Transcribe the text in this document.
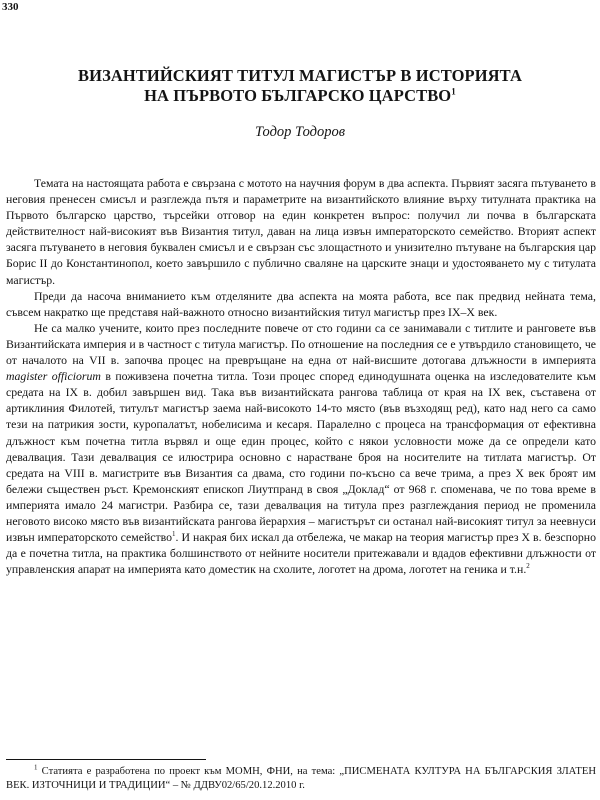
330
ВИЗАНТИЙСКИЯТ ТИТУЛ МАГИСТЪР В ИСТОРИЯТА
НА ПЪРВОТО БЪЛГАРСКО ЦАРСТВО$^1$
Тодор Тодоров

Темата на настоящата работа е свързана с мотото на научния форум в два аспекта. Първият засяга пътуването в неговия пренесен смисъл и разглежда пътя и параметрите на византийското влияние върху титулната практика на Първото българско царство, търсейки отговор на един конкретен въпрос: получил ли почва в българската действителност най-високият във Византия титул, даван на лица извън императорското семейство. Вторият аспект засяга пътуването в неговия буквален смисъл и е свързан със злощастното и унизително пътуване на българския цар Борис II до Константинопол, което завършило с публично сваляне на царските знаци и удостояването му с титулата магистър.

Преди да насоча вниманието към отделяните два аспекта на моята работа, все пак предвид нейната тема, съвсем накратко ще представя най-важното относно византийския титул магистър през IX–X век.

Не са малко учените, които през последните повече от сто години са се занимавали с титлите и ранговете във Византийската империя и в частност с титула магистър. По отношение на последния се е утвърдило становището, че от началото на VII в. започва процес на превръщане на една от най-висшите дотогава длъжности в империята magister officiorum в поживзена почетна титла. Този процес според единодушната оценка на изследователите към средата на IX в. добил завършен вид. Така във византийската рангова таблица от края на IX век, съставена от артиклиния Филотей, титулът магистър заема най-високото 14-то място (във възходящ ред), като над него са само тези на патрикия зости, куропалатът, нобелисима и кесаря. Паралелно с процеса на трансформация от ефективна длъжност към почетна титла вървял и още един процес, който с някои условности може да се определи като девалвация. Тази девалвация се илюстрира основно с нарастване броя на носителите на титлата магистър. От средата на VIII в. магистрите във Византия са двама, сто години по-късно са вече трима, а през X век броят им бележи съществен ръст. Кремонският епископ Лиутпранд в своя „Доклад“ от 968 г. споменава, че по това време в империята имало 24 магистри. Разбира се, тази девалвация на титула през разглеждания период не променила неговото високо място във византийската рангова йерархия – магистърът си останал най-високият титул за неевнуси извън императорското семейство$^1$. И накрая бих искал да отбележа, че макар на теория магистър през X в. безспорно да е почетна титла, на практика болшинството от нейните носители притежавали и вдадов ефективни длъжности от управленския апарат на империята като доместик на схолите, логотет на дрома, логотет на геника и т.н.$^2$

$^1$ Статията е разработена по проект към МОМН, ФНИ, на тема: „ПИСМЕНАТА КУЛТУРА НА БЪЛГАРСКИЯ ЗЛАТЕН ВЕК. ИЗТОЧНИЦИ И ТРАДИЦИИ“ – № ДДВУ02/65/20.12.2010 г.
